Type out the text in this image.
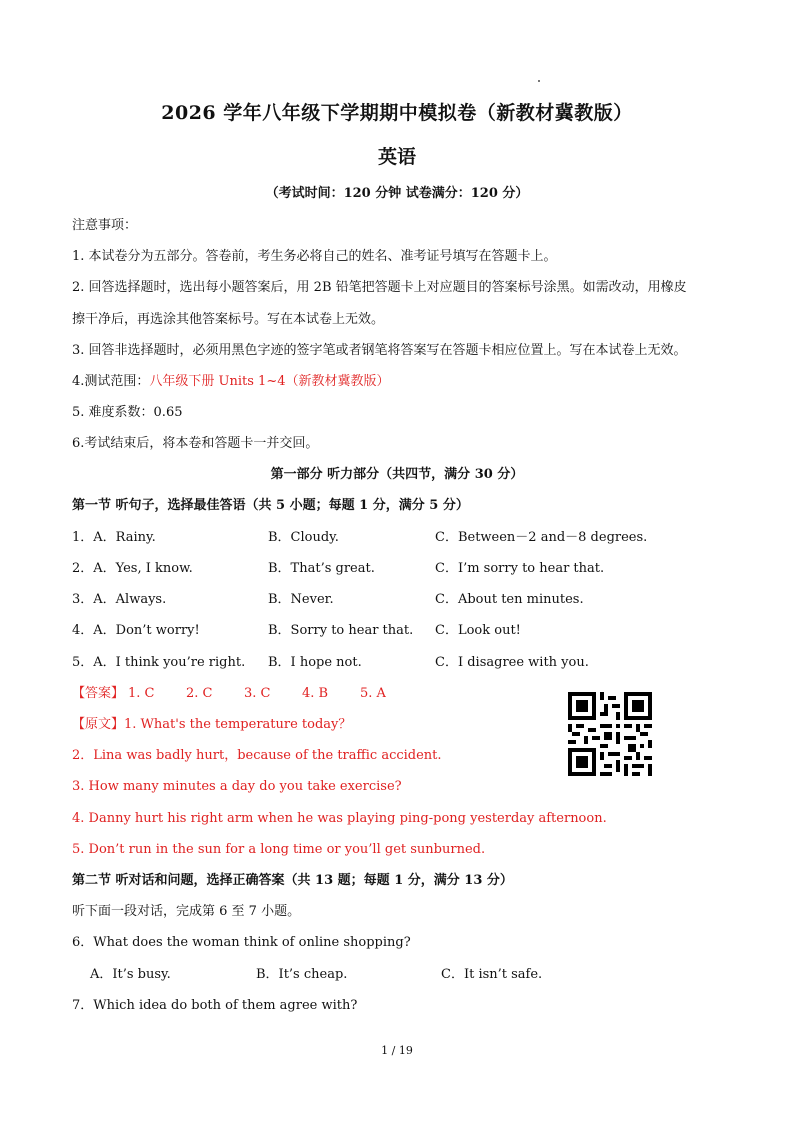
2026 学年八年级下学期期中模拟卷（新教材冀教版）
英语
（考试时间：120 分钟 试卷满分：120 分）
注意事项：
1. 本试卷分为五部分。答卷前，考生务必将自己的姓名、准考证号填写在答题卡上。
2. 回答选择题时，选出每小题答案后，用 2B 铅笔把答题卡上对应题目的答案标号涂黑。如需改动，用橡皮
擦干净后，再选涂其他答案标号。写在本试卷上无效。
3. 回答非选择题时，必须用黑色字迹的签字笔或者钢笔将答案写在答题卡相应位置上。写在本试卷上无效。
4.测试范围：八年级下册 Units 1~4（新教材冀教版）
5. 难度系数：0.65
6.考试结束后，将本卷和答题卡一并交回。
第一部分 听力部分（共四节，满分 30 分）
第一节 听句子，选择最佳答语（共 5 小题；每题 1 分，满分 5 分）
1．A．Rainy.	B．Cloudy.	C．Between－2 and－8 degrees.
2．A．Yes, I know.	B．That’s great.	C．I’m sorry to hear that.
3．A．Always.	B．Never.	C．About ten minutes.
4．A．Don’t worry!	B．Sorry to hear that. C．Look out!
5．A．I think you’re right. B．I hope not.	C．I disagree with you.
【答案】 1. C 2. C 3. C 4. B 5. A
【原文】1. What's the temperature today？
2．Lina was badly hurt，because of the traffic accident.
3. How many minutes a day do you take exercise?
4. Danny hurt his right arm when he was playing ping-pong yesterday afternoon.
5. Don’t run in the sun for a long time or you’ll get sunburned.
第二节 听对话和问题，选择正确答案（共 13 题；每题 1 分，满分 13 分）
听下面一段对话，完成第 6 至 7 小题。
6．What does the woman think of online shopping?
A．It’s busy.	B．It’s cheap.	C．It isn’t safe.
7．Which idea do both of them agree with?
1 / 19
